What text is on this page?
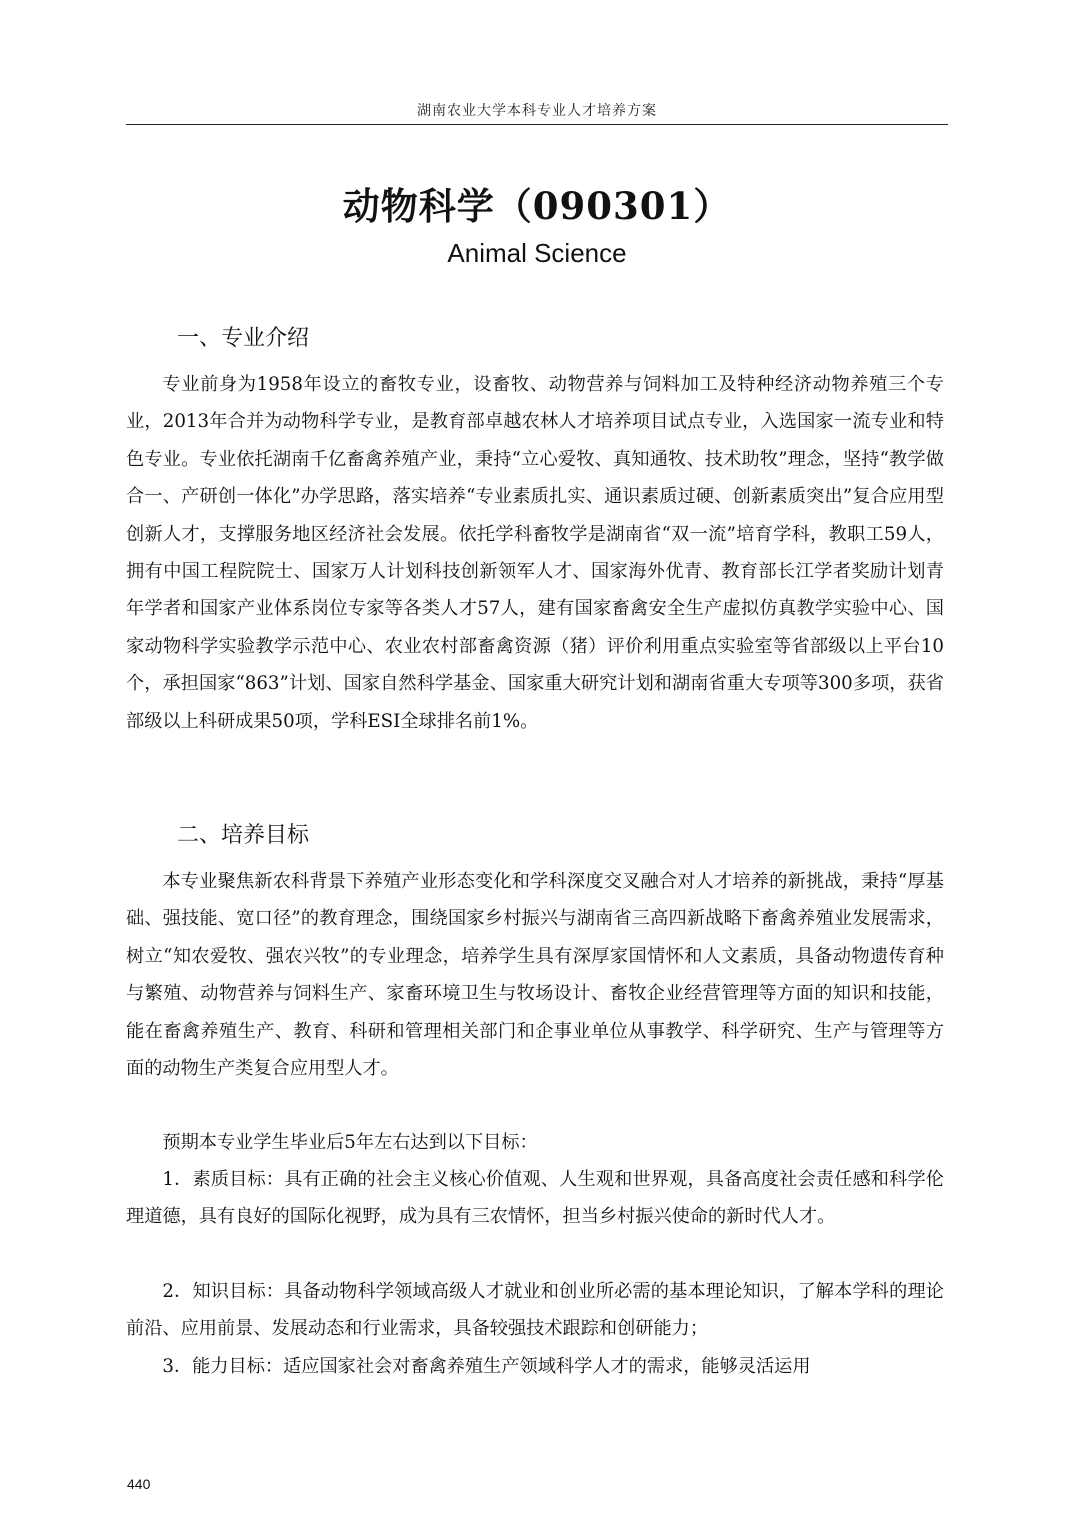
湖南农业大学本科专业人才培养方案
动物科学（090301）
Animal Science
一、专业介绍
专业前身为1958年设立的畜牧专业，设畜牧、动物营养与饲料加工及特种经济动物养殖三个专业，2013年合并为动物科学专业，是教育部卓越农林人才培养项目试点专业，入选国家一流专业和特色专业。专业依托湖南千亿畜禽养殖产业，秉持“立心爱牧、真知通牧、技术助牧”理念，坚持“教学做合一、产研创一体化”办学思路，落实培养“专业素质扎实、通识素质过硬、创新素质突出”复合应用型创新人才，支撑服务地区经济社会发展。依托学科畜牧学是湖南省“双一流”培育学科，教职工59人，拥有中国工程院院士、国家万人计划科技创新领军人才、国家海外优青、教育部长江学者奖励计划青年学者和国家产业体系岗位专家等各类人才57人，建有国家畜禽安全生产虚拟仿真教学实验中心、国家动物科学实验教学示范中心、农业农村部畜禽资源（猪）评价利用重点实验室等省部级以上平台10个，承担国家“863”计划、国家自然科学基金、国家重大研究计划和湖南省重大专项等300多项，获省部级以上科研成果50项，学科ESI全球排名前1%。
二、培养目标
本专业聚焦新农科背景下养殖产业形态变化和学科深度交叉融合对人才培养的新挑战，秉持“厚基础、强技能、宽口径”的教育理念，围绕国家乡村振兴与湖南省三高四新战略下畜禽养殖业发展需求，树立“知农爱牧、强农兴牧”的专业理念，培养学生具有深厚家国情怀和人文素质，具备动物遗传育种与繁殖、动物营养与饲料生产、家畜环境卫生与牧场设计、畜牧企业经营管理等方面的知识和技能，能在畜禽养殖生产、教育、科研和管理相关部门和企事业单位从事教学、科学研究、生产与管理等方面的动物生产类复合应用型人才。
预期本专业学生毕业后5年左右达到以下目标：
1．素质目标：具有正确的社会主义核心价值观、人生观和世界观，具备高度社会责任感和科学伦理道德，具有良好的国际化视野，成为具有三农情怀，担当乡村振兴使命的新时代人才。
2．知识目标：具备动物科学领域高级人才就业和创业所必需的基本理论知识，了解本学科的理论前沿、应用前景、发展动态和行业需求，具备较强技术跟踪和创研能力；
3．能力目标：适应国家社会对畜禽养殖生产领域科学人才的需求，能够灵活运用
440
